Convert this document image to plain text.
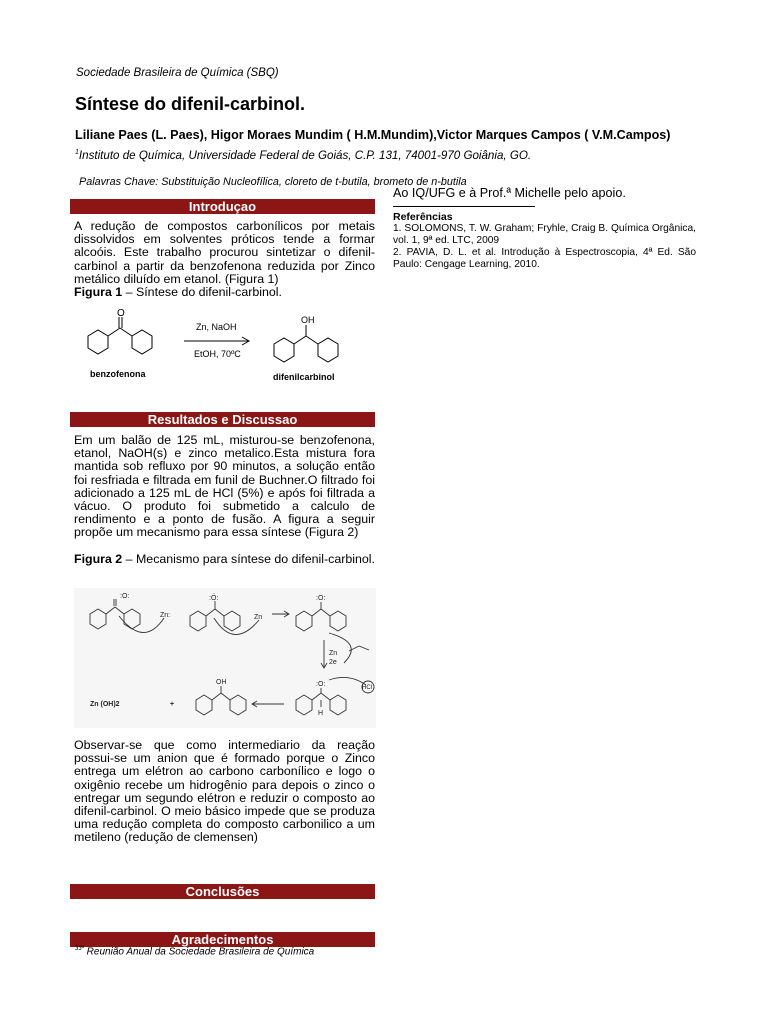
Sociedade Brasileira de Química (SBQ)
Síntese do difenil-carbinol.
Liliane Paes (L. Paes), Higor Moraes Mundim ( H.M.Mundim),Victor Marques Campos ( V.M.Campos)
$^1$Instituto de Química, Universidade Federal de Goiás, C.P. 131, 74001-970 Goiânia, GO.
Palavras Chave: Substituição Nucleofílica, cloreto de t-butila, brometo de n-butila
Introduçao

A redução de compostos carbonílicos por metais dissolvidos em solventes próticos tende a formar alcoóis. Este trabalho procurou sintetizar o difenil-carbinol a partir da benzofenona reduzida por Zinco metálico diluído em etanol. (Figura 1)

Figura 1 – Síntese do difenil-carbinol.

O
OH
Zn, NaOH
EtOH, 70ºC
benzofenona	difenilcarbinol
Resultados e Discussao

Em um balão de 125 mL, misturou-se benzofenona, etanol, NaOH(s) e zinco metalico.Esta mistura fora mantida sob refluxo por 90 minutos, a solução então foi resfriada e filtrada em funil de Buchner.O filtrado foi adicionado a 125 mL de HCl (5%) e após foi filtrada a vácuo. O produto foi submetido a calculo de rendimento e a ponto de fusão. A figura a seguir propõe um mecanismo para essa síntese (Figura 2)

Figura 2 – Mecanismo para síntese do difenil-carbinol.

:O:
Zn:
:Ö:
Zn
:O:
Zn
2e
:O:
H
HCl
OH
Zn (OH)2	+

Observar-se que como intermediario da reação possui-se um anion que é formado porque o Zinco entrega um elétron ao carbono carbonílico e logo o oxigênio recebe um hidrogênio para depois o zinco o entregar um segundo elétron e reduzir o composto ao difenil-carbinol. O meio básico impede que se produza uma redução completa do composto carbonilico a um metileno (redução de clemensen)

Conclusões
Agradecimentos
Ao IQ/UFG e à Prof.ª Michelle pelo apoio.
Referências
1. SOLOMONS, T. W. Graham; Fryhle, Craig B. Química Orgânica, vol. 1, 9ª ed. LTC, 2009
2. PAVIA, D. L. et al. Introdução à Espectroscopia, 4ª Ed. São Paulo: Cengage Learning, 2010.
$^{33ª}$ Reunião Anual da Sociedade Brasileira de Química
